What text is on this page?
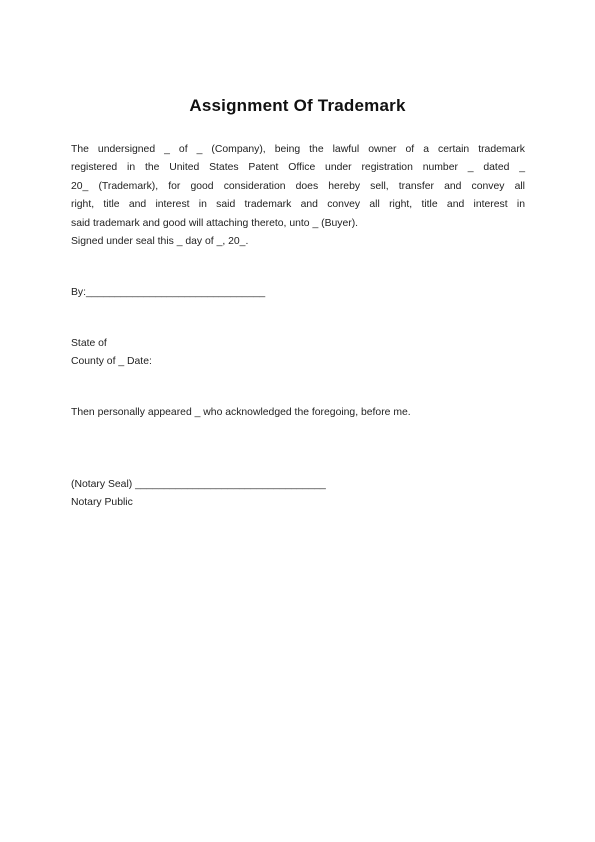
Assignment Of Trademark
The undersigned _ of _ (Company), being the lawful owner of a certain trademark
registered in the United States Patent Office under registration number _ dated _
20_ (Trademark), for good consideration does hereby sell, transfer and convey all
right, title and interest in said trademark and convey all right, title and interest in
said trademark and good will attaching thereto, unto _ (Buyer).
Signed under seal this _ day of _, 20_.
By:_______________________________
State of
County of _ Date:
Then personally appeared _ who acknowledged the foregoing, before me.
(Notary Seal) _________________________________
Notary Public
